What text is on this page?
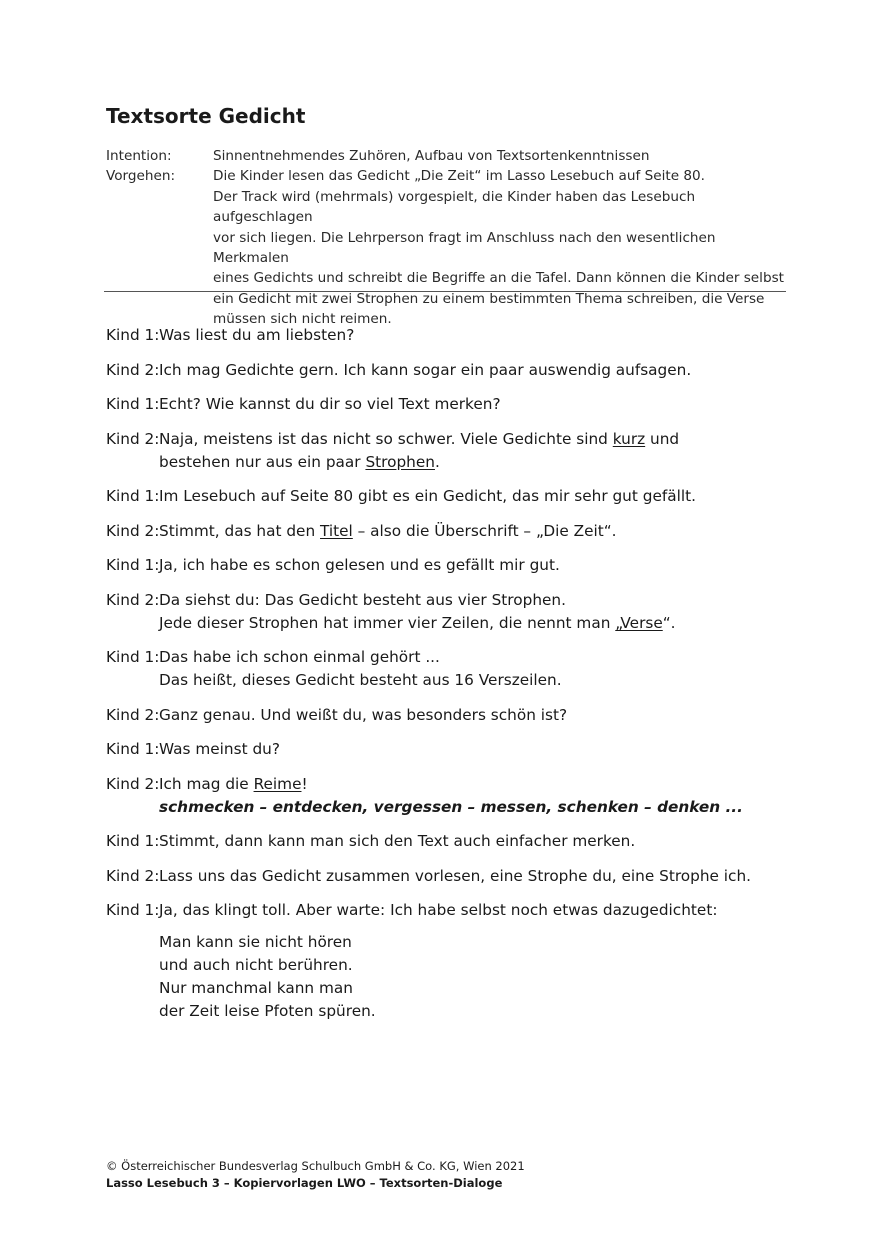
Textsorte Gedicht
Intention:	Sinnentnehmendes Zuhören, Aufbau von Textsortenkenntnissen
Vorgehen:	Die Kinder lesen das Gedicht „Die Zeit“ im Lasso Lesebuch auf Seite 80.
Der Track wird (mehrmals) vorgespielt, die Kinder haben das Lesebuch aufgeschlagen
vor sich liegen. Die Lehrperson fragt im Anschluss nach den wesentlichen Merkmalen
eines Gedichts und schreibt die Begriffe an die Tafel. Dann können die Kinder selbst
ein Gedicht mit zwei Strophen zu einem bestimmten Thema schreiben, die Verse
müssen sich nicht reimen.
Kind 1: Was liest du am liebsten?
Kind 2: Ich mag Gedichte gern. Ich kann sogar ein paar auswendig aufsagen.
Kind 1: Echt? Wie kannst du dir so viel Text merken?
Kind 2: Naja, meistens ist das nicht so schwer. Viele Gedichte sind kurz und
bestehen nur aus ein paar Strophen.
Kind 1: Im Lesebuch auf Seite 80 gibt es ein Gedicht, das mir sehr gut gefällt.
Kind 2: Stimmt, das hat den Titel – also die Überschrift – „Die Zeit“.
Kind 1: Ja, ich habe es schon gelesen und es gefällt mir gut.
Kind 2: Da siehst du: Das Gedicht besteht aus vier Strophen.
Jede dieser Strophen hat immer vier Zeilen, die nennt man „Verse“.
Kind 1: Das habe ich schon einmal gehört ...
Das heißt, dieses Gedicht besteht aus 16 Verszeilen.
Kind 2: Ganz genau. Und weißt du, was besonders schön ist?
Kind 1: Was meinst du?
Kind 2: Ich mag die Reime!
schmecken – entdecken, vergessen – messen, schenken – denken ...
Kind 1: Stimmt, dann kann man sich den Text auch einfacher merken.
Kind 2: Lass uns das Gedicht zusammen vorlesen, eine Strophe du, eine Strophe ich.
Kind 1: Ja, das klingt toll. Aber warte: Ich habe selbst noch etwas dazugedichtet:
Man kann sie nicht hören
und auch nicht berühren.
Nur manchmal kann man
der Zeit leise Pfoten spüren.
© Österreichischer Bundesverlag Schulbuch GmbH & Co. KG, Wien 2021
Lasso Lesebuch 3 – Kopiervorlagen LWO – Textsorten-Dialoge
